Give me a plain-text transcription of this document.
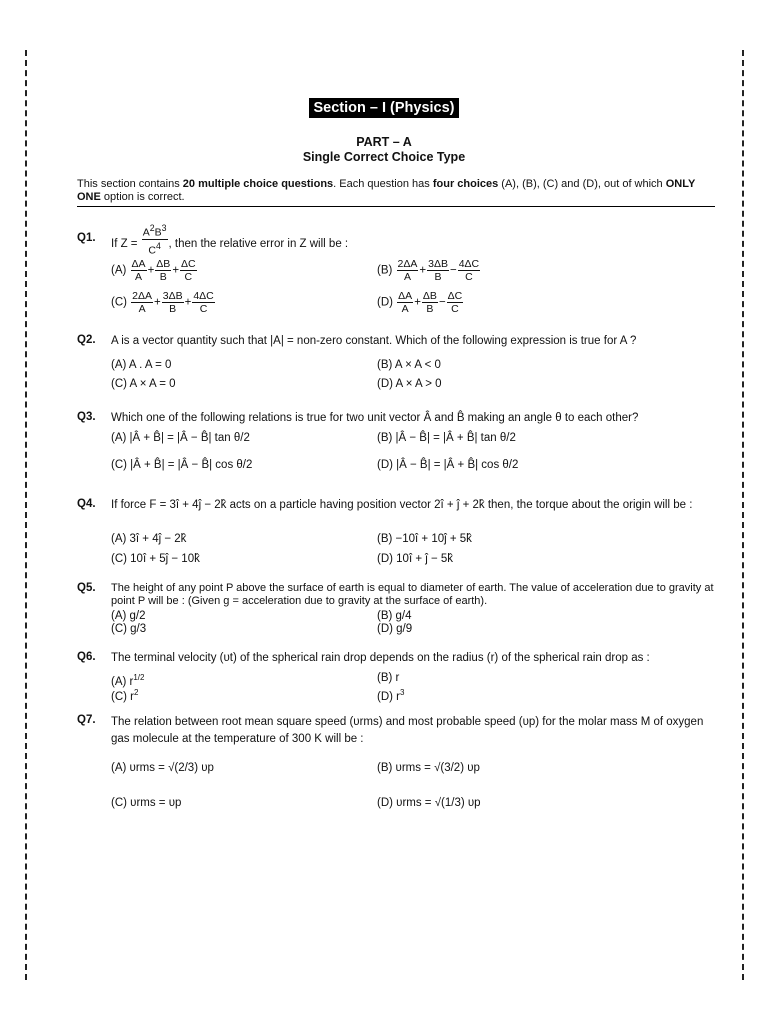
Section – I (Physics)
PART – A
Single Correct Choice Type
This section contains 20 multiple choice questions. Each question has four choices (A), (B), (C) and (D), out of which ONLY ONE option is correct.
Q1.
If $Z = \frac{A^2B^3}{C^4}$ , then the relative error in Z will be :
$(A) \frac{\Delta A}{A} + \frac{\Delta B}{B} + \frac{\Delta C}{C}$	$(B) \frac{2\Delta A}{A} + \frac{3\Delta B}{B} - \frac{4\Delta C}{C}$
$(C) \frac{2\Delta A}{A} + \frac{3\Delta B}{B} + \frac{4\Delta C}{C}$	$(D) \frac{\Delta A}{A} + \frac{\Delta B}{B} - \frac{\Delta C}{C}$
Q2. A is a vector quantity such that |A| = non-zero constant. Which of the following expression is true for A ?
(A) A . A = 0	(B) A × A < 0
(C) A × A = 0	(D) A × A > 0
Q3. Which one of the following relations is true for two unit vector Â and B̂ making an angle θ to each other?
(A) |Â + B̂| = |Â − B̂| tan θ/2	(B) |Â − B̂| = |Â + B̂| tan θ/2
(C) |Â + B̂| = |Â − B̂| cos θ/2	(D) |Â − B̂| = |Â + B̂| cos θ/2
Q4. If force F = 3î + 4ĵ − 2k̂ acts on a particle having position vector 2î + ĵ + 2k̂ then, the torque about the origin will be :
(A) 3î + 4ĵ − 2k̂	(B) −10î + 10ĵ + 5k̂
(C) 10î + 5ĵ − 10k̂	(D) 10î + ĵ − 5k̂
Q5. The height of any point P above the surface of earth is equal to diameter of earth. The value of acceleration due to gravity at point P will be : (Given g = acceleration due to gravity at the surface of earth).
(A) g/2	(B) g/4
(C) g/3	(D) g/9
Q6. The terminal velocity (υt) of the spherical rain drop depends on the radius (r) of the spherical rain drop as :
(A) $r^{1/2}$	(B) r
(C) $r^2$	(D) $r^3$
Q7. The relation between root mean square speed (υrms) and most probable speed (υp) for the molar mass M of oxygen gas molecule at the temperature of 300 K will be :
(A) υrms = √(2/3) υp	(B) υrms = √(3/2) υp
(C) υrms = υp	(D) υrms = √(1/3) υp
